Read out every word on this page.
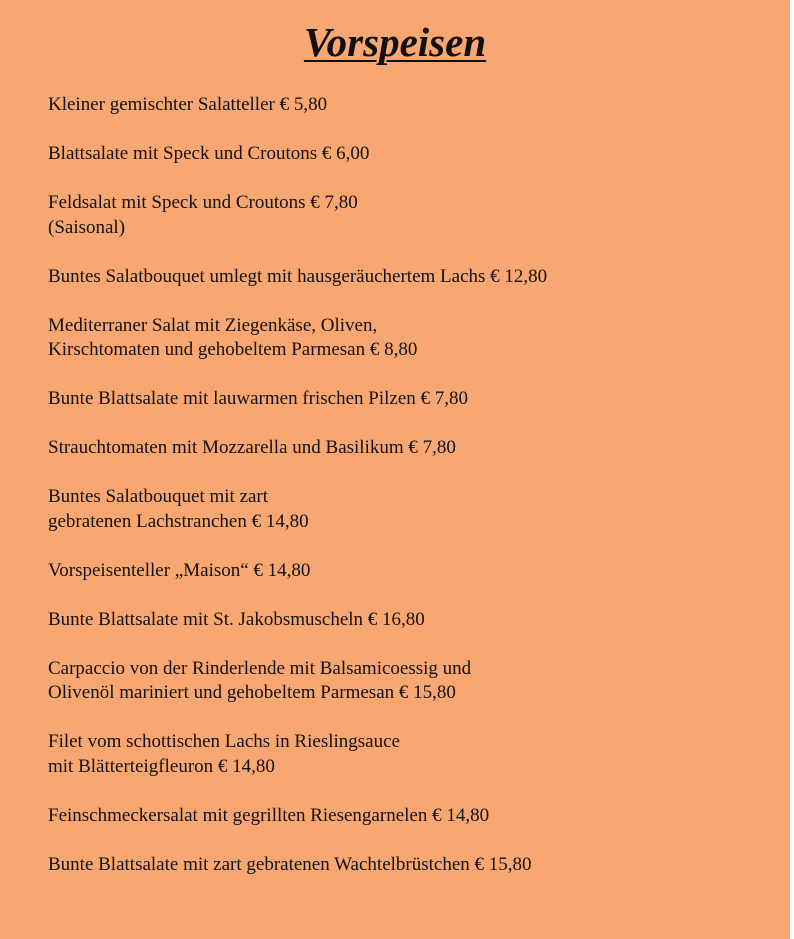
Vorspeisen
Kleiner gemischter Salatteller € 5,80
Blattsalate mit Speck und Croutons € 6,00
Feldsalat mit Speck und Croutons € 7,80
(Saisonal)
Buntes Salatbouquet umlegt mit hausgeräuchertem Lachs € 12,80
Mediterraner Salat mit Ziegenkäse, Oliven,
Kirschtomaten und gehobeltem Parmesan € 8,80
Bunte Blattsalate mit lauwarmen frischen Pilzen € 7,80
Strauchtomaten mit Mozzarella und Basilikum € 7,80
Buntes Salatbouquet mit zart
gebratenen Lachstranchen € 14,80
Vorspeisenteller „Maison“ € 14,80
Bunte Blattsalate mit St. Jakobsmuscheln € 16,80
Carpaccio von der Rinderlende mit Balsamicoessig und
Olivenöl mariniert und gehobeltem Parmesan € 15,80
Filet vom schottischen Lachs in Rieslingsauce
mit Blätterteigfleuron € 14,80
Feinschmeckersalat mit gegrillten Riesengarnelen € 14,80
Bunte Blattsalate mit zart gebratenen Wachtelbrüstchen € 15,80
